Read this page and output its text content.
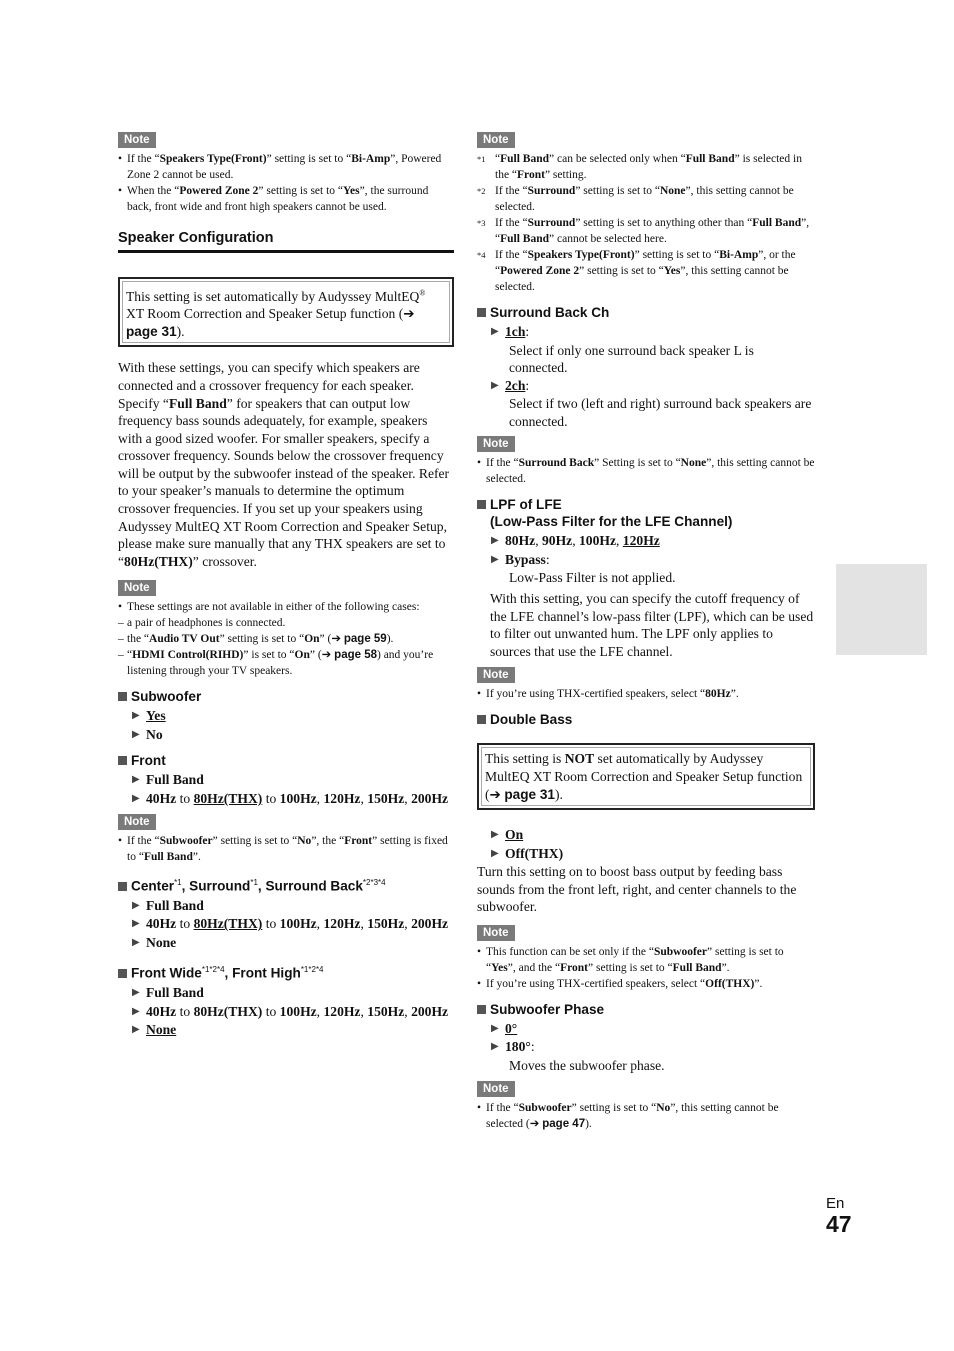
Note
• If the “Speakers Type(Front)” setting is set to “Bi-Amp”, Powered Zone 2 cannot be used.
• When the “Powered Zone 2” setting is set to “Yes”, the surround back, front wide and front high speakers cannot be used.
Speaker Configuration
This setting is set automatically by Audyssey MultEQ® XT Room Correction and Speaker Setup function (➔ page 31).
With these settings, you can specify which speakers are connected and a crossover frequency for each speaker. Specify “Full Band” for speakers that can output low frequency bass sounds adequately, for example, speakers with a good sized woofer. For smaller speakers, specify a crossover frequency. Sounds below the crossover frequency will be output by the subwoofer instead of the speaker. Refer to your speaker’s manuals to determine the optimum crossover frequencies. If you set up your speakers using Audyssey MultEQ XT Room Correction and Speaker Setup, please make sure manually that any THX speakers are set to “80Hz(THX)” crossover.
Note
• These settings are not available in either of the following cases:
– a pair of headphones is connected.
– the “Audio TV Out” setting is set to “On” (➔ page 59).
– “HDMI Control(RIHD)” is set to “On” (➔ page 58) and you’re listening through your TV speakers.
Subwoofer
▶ Yes
▶ No
Front
▶ Full Band
▶ 40Hz to 80Hz(THX) to 100Hz, 120Hz, 150Hz, 200Hz
Note
• If the “Subwoofer” setting is set to “No”, the “Front” setting is fixed to “Full Band”.
Center$^{*1}$, Surround$^{*1}$, Surround Back$^{*2*3*4}$
▶ Full Band
▶ 40Hz to 80Hz(THX) to 100Hz, 120Hz, 150Hz, 200Hz
▶ None
Front Wide$^{*1*2*4}$, Front High$^{*1*2*4}$
▶ Full Band
▶ 40Hz to 80Hz(THX) to 100Hz, 120Hz, 150Hz, 200Hz
▶ None
Note
*1 “Full Band” can be selected only when “Full Band” is selected in the “Front” setting.
*2 If the “Surround” setting is set to “None”, this setting cannot be selected.
*3 If the “Surround” setting is set to anything other than “Full Band”, “Full Band” cannot be selected here.
*4 If the “Speakers Type(Front)” setting is set to “Bi-Amp”, or the “Powered Zone 2” setting is set to “Yes”, this setting cannot be selected.
Surround Back Ch
▶ 1ch:
Select if only one surround back speaker L is connected.
▶ 2ch:
Select if two (left and right) surround back speakers are connected.
Note
• If the “Surround Back” Setting is set to “None”, this setting cannot be selected.
LPF of LFE
(Low-Pass Filter for the LFE Channel)
▶ 80Hz, 90Hz, 100Hz, 120Hz
▶ Bypass:
Low-Pass Filter is not applied.
With this setting, you can specify the cutoff frequency of the LFE channel’s low-pass filter (LPF), which can be used to filter out unwanted hum. The LPF only applies to sources that use the LFE channel.
Note
• If you’re using THX-certified speakers, select “80Hz”.
Double Bass
This setting is NOT set automatically by Audyssey MultEQ XT Room Correction and Speaker Setup function (➔ page 31).
▶ On
▶ Off(THX)
Turn this setting on to boost bass output by feeding bass sounds from the front left, right, and center channels to the subwoofer.
Note
• This function can be set only if the “Subwoofer” setting is set to “Yes”, and the “Front” setting is set to “Full Band”.
• If you’re using THX-certified speakers, select “Off(THX)”.
Subwoofer Phase
▶ 0°
▶ 180°:
Moves the subwoofer phase.
Note
• If the “Subwoofer” setting is set to “No”, this setting cannot be selected (➔ page 47).
En
47
